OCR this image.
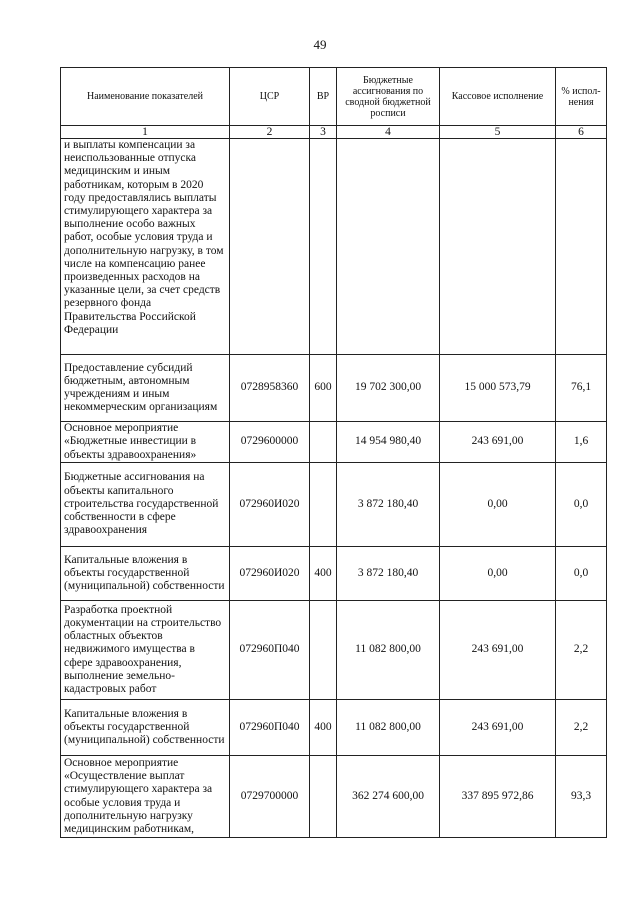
49
Наименование показателей	ЦСР	ВР	Бюджетные ассигнования по сводной бюджетной росписи	Кассовое исполнение	% испол-нения
1	2	3	4	5	6
и выплаты компенсации за неиспользованные отпуска медицинским и иным работникам, которым в 2020 году предоставлялись выплаты стимулирующего характера за выполнение особо важных работ, особые условия труда и дополнительную нагрузку, в том числе на компенсацию ранее произведенных расходов на указанные цели, за счет средств резервного фонда Правительства Российской Федерации					
Предоставление субсидий бюджетным, автономным учреждениям и иным некоммерческим организациям	0728958360	600	19 702 300,00	15 000 573,79	76,1
Основное мероприятие «Бюджетные инвестиции в объекты здравоохранения»	0729600000		14 954 980,40	243 691,00	1,6
Бюджетные ассигнования на объекты капитального строительства государственной собственности в сфере здравоохранения	072960И020		3 872 180,40	0,00	0,0
Капитальные вложения в объекты государственной (муниципальной) собственности	072960И020	400	3 872 180,40	0,00	0,0
Разработка проектной документации на строительство областных объектов недвижимого имущества в сфере здравоохранения, выполнение земельно-кадастровых работ	072960П040		11 082 800,00	243 691,00	2,2
Капитальные вложения в объекты государственной (муниципальной) собственности	072960П040	400	11 082 800,00	243 691,00	2,2
Основное мероприятие «Осуществление выплат стимулирующего характера за особые условия труда и дополнительную нагрузку медицинским работникам,	0729700000		362 274 600,00	337 895 972,86	93,3
